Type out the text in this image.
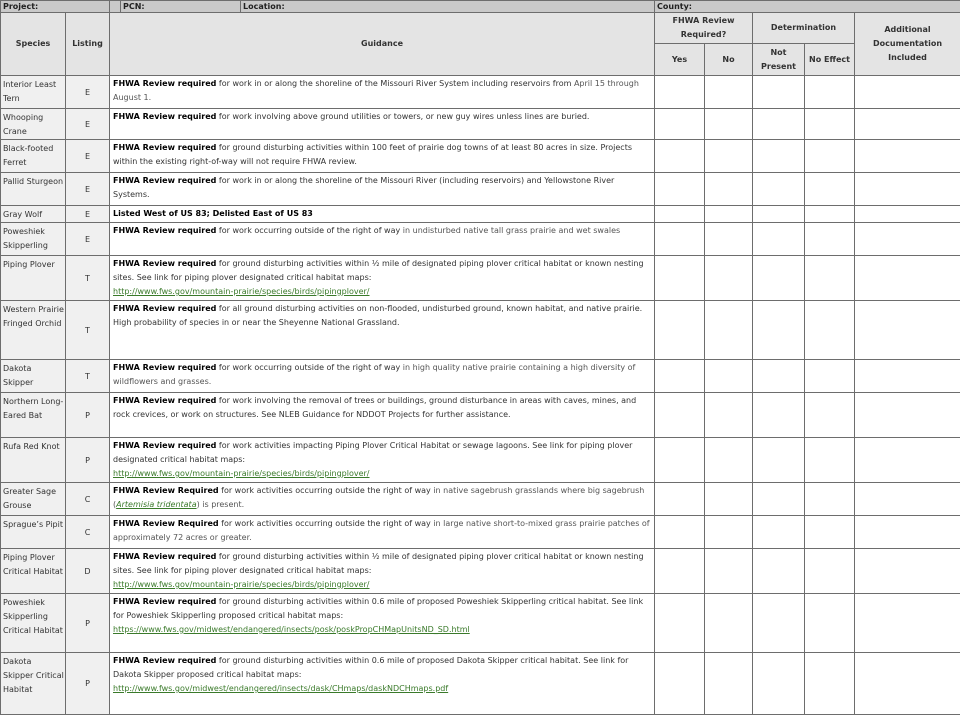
Project:		PCN: Location:	County:				
Species	Listing	Guidance	FHWA Review Required?		Determination		Additional Documentation Included
			Yes	No	Not Present	No Effect	
Interior Least Tern	E	FHWA Review required for work in or along the shoreline of the Missouri River System including reservoirs from April 15 through August 1.					
Whooping Crane	E	FHWA Review required for work involving above ground utilities or towers, or new guy wires unless lines are buried.					
Black-footed Ferret	E	FHWA Review required for ground disturbing activities within 100 feet of prairie dog towns of at least 80 acres in size. Projects within the existing right-of-way will not require FHWA review.					
Pallid Sturgeon	E	FHWA Review required for work in or along the shoreline of the Missouri River (including reservoirs) and Yellowstone River Systems.					
Gray Wolf	E	Listed West of US 83; Delisted East of US 83					
Poweshiek Skipperling	E	FHWA Review required for work occurring outside of the right of way in undisturbed native tall grass prairie and wet swales					
Piping Plover	T	FHWA Review required for ground disturbing activities within ½ mile of designated piping plover critical habitat or known nesting sites. See link for piping plover designated critical habitat maps:
http://www.fws.gov/mountain-prairie/species/birds/pipingplover/					
Western Prairie Fringed Orchid	T	FHWA Review required for all ground disturbing activities on non-flooded, undisturbed ground, known habitat, and native prairie. High probability of species in or near the Sheyenne National Grassland.					
Dakota Skipper	T	FHWA Review required for work occurring outside of the right of way in high quality native prairie containing a high diversity of wildflowers and grasses.					
Northern Long-Eared Bat	P	FHWA Review required for work involving the removal of trees or buildings, ground disturbance in areas with caves, mines, and rock crevices, or work on structures. See NLEB Guidance for NDDOT Projects for further assistance.					
Rufa Red Knot	P	FHWA Review required for work activities impacting Piping Plover Critical Habitat or sewage lagoons. See link for piping plover designated critical habitat maps:
http://www.fws.gov/mountain-prairie/species/birds/pipingplover/					
Greater Sage Grouse	C	FHWA Review Required for work activities occurring outside the right of way in native sagebrush grasslands where big sagebrush (Artemisia tridentata) is present.					
Sprague’s Pipit	C	FHWA Review Required for work activities occurring outside the right of way in large native short-to-mixed grass prairie patches of approximately 72 acres or greater.					
Piping Plover Critical Habitat	D	FHWA Review required for ground disturbing activities within ½ mile of designated piping plover critical habitat or known nesting sites. See link for piping plover designated critical habitat maps:
http://www.fws.gov/mountain-prairie/species/birds/pipingplover/					
Poweshiek Skipperling Critical Habitat	P	FHWA Review required for ground disturbing activities within 0.6 mile of proposed Poweshiek Skipperling critical habitat. See link for Poweshiek Skipperling proposed critical habitat maps:
https://www.fws.gov/midwest/endangered/insects/posk/poskPropCHMapUnitsND_SD.html					
Dakota Skipper Critical Habitat	P	FHWA Review required for ground disturbing activities within 0.6 mile of proposed Dakota Skipper critical habitat. See link for Dakota Skipper proposed critical habitat maps:
http://www.fws.gov/midwest/endangered/insects/dask/CHmaps/daskNDCHmaps.pdf					
